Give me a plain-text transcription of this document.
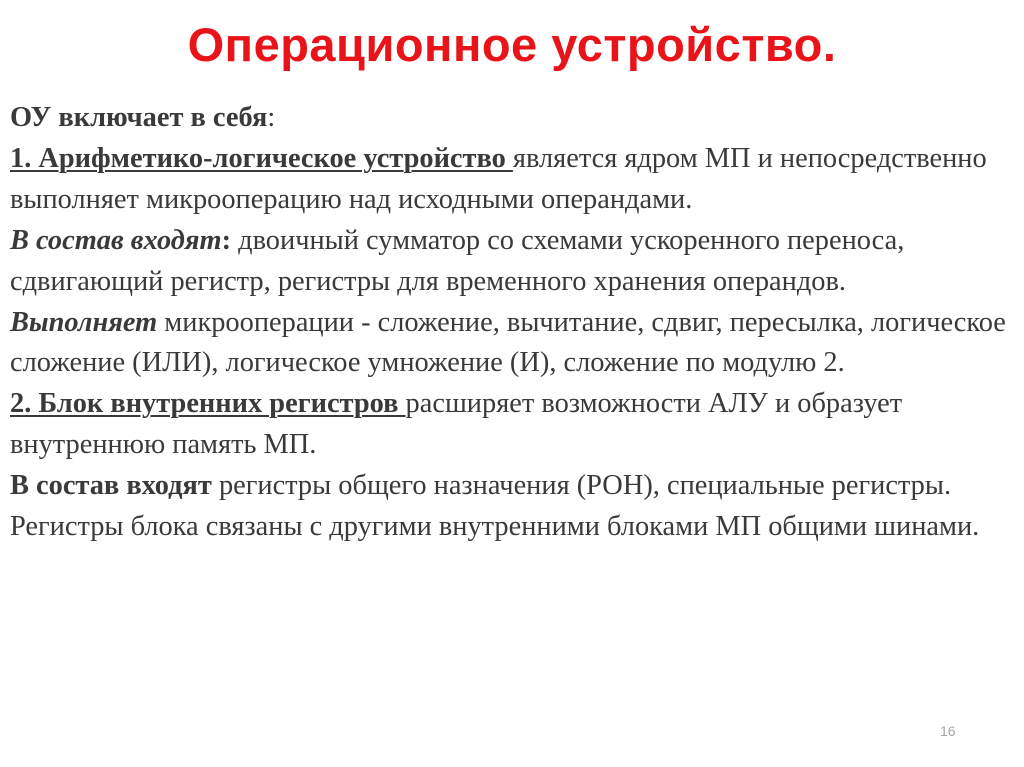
Операционное устройство.

ОУ включает в себя:

1. Арифметико-логическое устройство является ядром МП и непосредственно выполняет микрооперацию над исходными операндами.

В состав входят: двоичный сумматор со схемами ускоренного переноса, сдвигающий регистр, регистры для временного хранения операндов.

Выполняет микрооперации - сложение, вычитание, сдвиг, пересылка, логическое сложение (ИЛИ), логическое умножение (И), сложение по модулю 2.

2. Блок внутренних регистров расширяет возможности АЛУ и образует внутреннюю память МП.

В состав входят регистры общего назначения (РОН), специальные регистры. Регистры блока связаны с другими внутренними блоками МП общими шинами.

16
